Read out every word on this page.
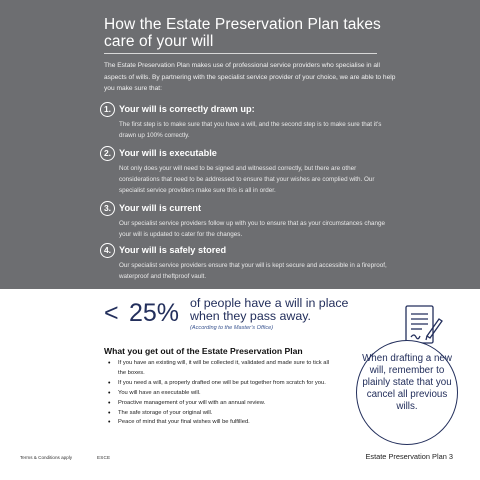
How the Estate Preservation Plan takes care of your will
The Estate Preservation Plan makes use of professional service providers who specialise in all aspects of wills. By partnering with the specialist service provider of your choice, we are able to help you make sure that:
1. Your will is correctly drawn up:
The first step is to make sure that you have a will, and the second step is to make sure that it’s drawn up 100% correctly.
2. Your will is executable
Not only does your will need to be signed and witnessed correctly, but there are other considerations that need to be addressed to ensure that your wishes are complied with. Our specialist service providers make sure this is all in order.
3. Your will is current
Our specialist service providers follow up with you to ensure that as your circumstances change your will is updated to cater for the changes.
4. Your will is safely stored
Our specialist service providers ensure that your will is kept secure and accessible in a fireproof, waterproof and theftproof vault.
< 25% of people have a will in place when they pass away.
(According to the Master’s Office)
When drafting a new will, remember to plainly state that you cancel all previous wills.
What you get out of the Estate Preservation Plan
• If you have an existing will, it will be collected it, validated and made sure to tick all the boxes.
• If you need a will, a properly drafted one will be put together from scratch for you.
• You will have an executable will.
• Proactive management of your will with an annual review.
• The safe storage of your original will.
• Peace of mind that your final wishes will be fulfilled.
Terms & Conditions apply	ESCE	Estate Preservation Plan 3
